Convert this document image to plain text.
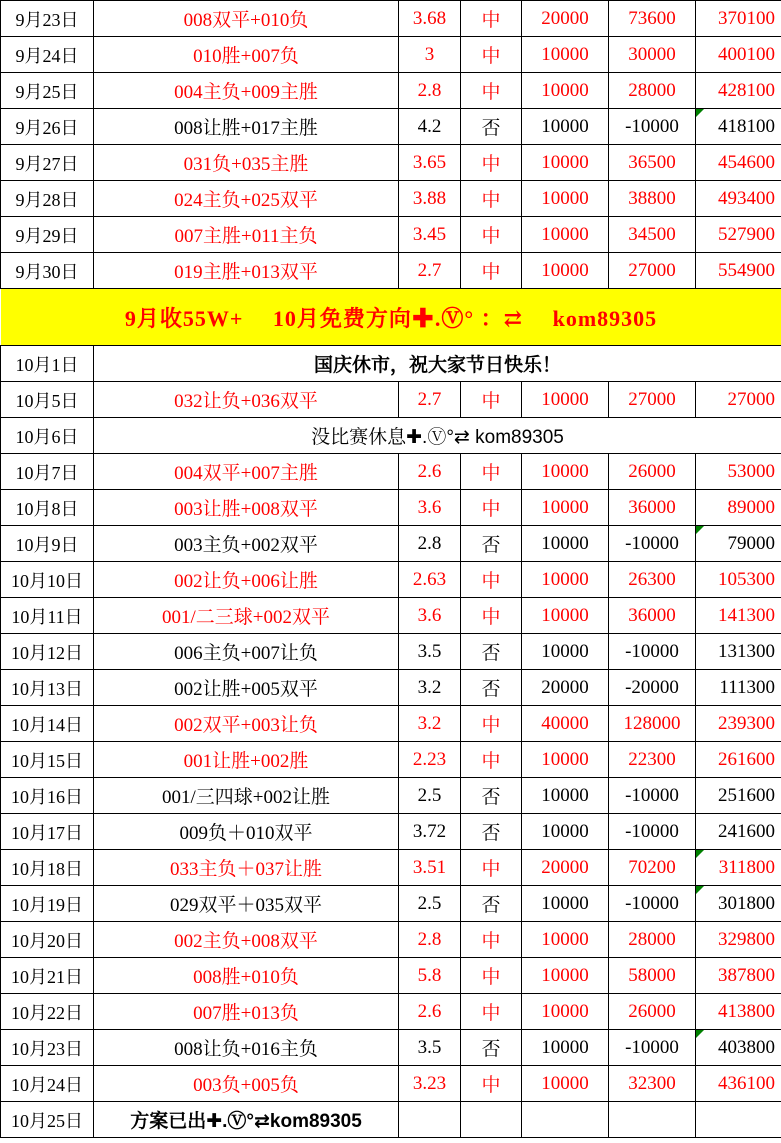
9月23日	008双平+010负	3.68	中	20000	73600	370100
9月24日	010胜+007负	3	中	10000	30000	400100
9月25日	004主负+009主胜	2.8	中	10000	28000	428100
9月26日	008让胜+017主胜	4.2	否	10000	-10000	418100

9月27日	031负+035主胜	3.65	中	10000	36500	454600
9月28日	024主负+025双平	3.88	中	10000	38800	493400
9月29日	007主胜+011主负	3.45	中	10000	34500	527900
9月30日	019主胜+013双平	2.7	中	10000	27000	554900
9月收55W+　 10月免费方向✚.Ⓥ° ：⇄ 　kom89305						
10月1日	国庆休市，祝大家节日快乐！					
10月5日	032让负+036双平	2.7	中	10000	27000	27000
10月6日	没比赛休息✚.Ⓥ°⇄ kom89305					
10月7日	004双平+007主胜	2.6	中	10000	26000	53000
10月8日	003让胜+008双平	3.6	中	10000	36000	89000
10月9日	003主负+002双平	2.8	否	10000	-10000	79000

10月10日	002让负+006让胜	2.63	中	10000	26300	105300
10月11日	001/二三球+002双平	3.6	中	10000	36000	141300
10月12日	006主负+007让负	3.5	否	10000	-10000	131300
10月13日	002让胜+005双平	3.2	否	20000	-20000	111300
10月14日	002双平+003让负	3.2	中	40000	128000	239300
10月15日	001让胜+002胜	2.23	中	10000	22300	261600
10月16日	001/三四球+002让胜	2.5	否	10000	-10000	251600
10月17日	009负＋010双平	3.72	否	10000	-10000	241600
10月18日	033主负＋037让胜	3.51	中	20000	70200	311800

10月19日	029双平＋035双平	2.5	否	10000	-10000	301800

10月20日	002主负+008双平	2.8	中	10000	28000	329800
10月21日	008胜+010负	5.8	中	10000	58000	387800
10月22日	007胜+013负	2.6	中	10000	26000	413800
10月23日	008让负+016主负	3.5	否	10000	-10000	403800

10月24日	003负+005负	3.23	中	10000	32300	436100
10月25日	方案已出✚.Ⓥ°⇄kom89305					
